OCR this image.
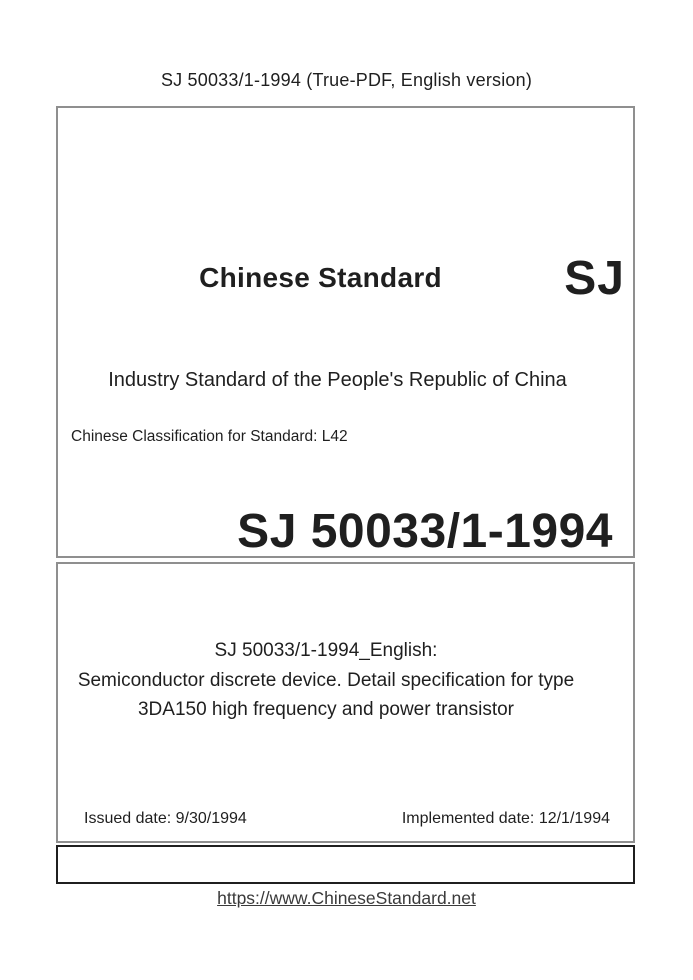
SJ 50033/1-1994 (True-PDF, English version)
Chinese Standard	SJ
Industry Standard of the People's Republic of China
Chinese Classification for Standard: L42
SJ 50033/1-1994
SJ 50033/1-1994_English:
Semiconductor discrete device. Detail specification for type 3DA150 high frequency and power transistor
Issued date: 9/30/1994	Implemented date: 12/1/1994
https://www.ChineseStandard.net
